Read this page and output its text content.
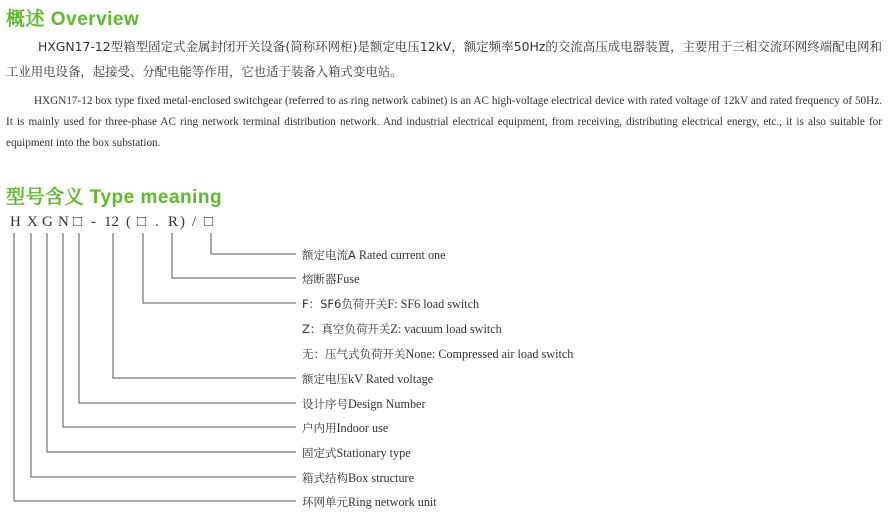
概述 Overview

HXGN17-12型箱型固定式金属封闭开关设备(简称环网柜)是额定电压12kV，额定频率50Hz的交流高压成电器装置，主要用于三相交流环网终端配电网和工业用电设备，起接受、分配电能等作用，它也适于装备入箱式变电站。

HXGN17-12 box type fixed metal-enclosed switchgear (referred to as ring network cabinet) is an AC high-voltage electrical device with rated voltage of 12kV and rated frequency of 50Hz. It is mainly used for three-phase AC ring network terminal distribution network. And industrial electrical equipment, from receiving, distributing electrical energy, etc., it is also suitable for equipment into the box substation.

型号含义 Type meaning
H X G N □ - 12 ( □ . R ) / □
额定电流A Rated current one
熔断器Fuse
F：SF6负荷开关F: SF6 load switch
Z：真空负荷开关Z: vacuum load switch
无：压气式负荷开关None: Compressed air load switch
额定电压kV Rated voltage
设计序号Design Number
户内用Indoor use
固定式Stationary type
箱式结构Box structure
环网单元Ring network unit
